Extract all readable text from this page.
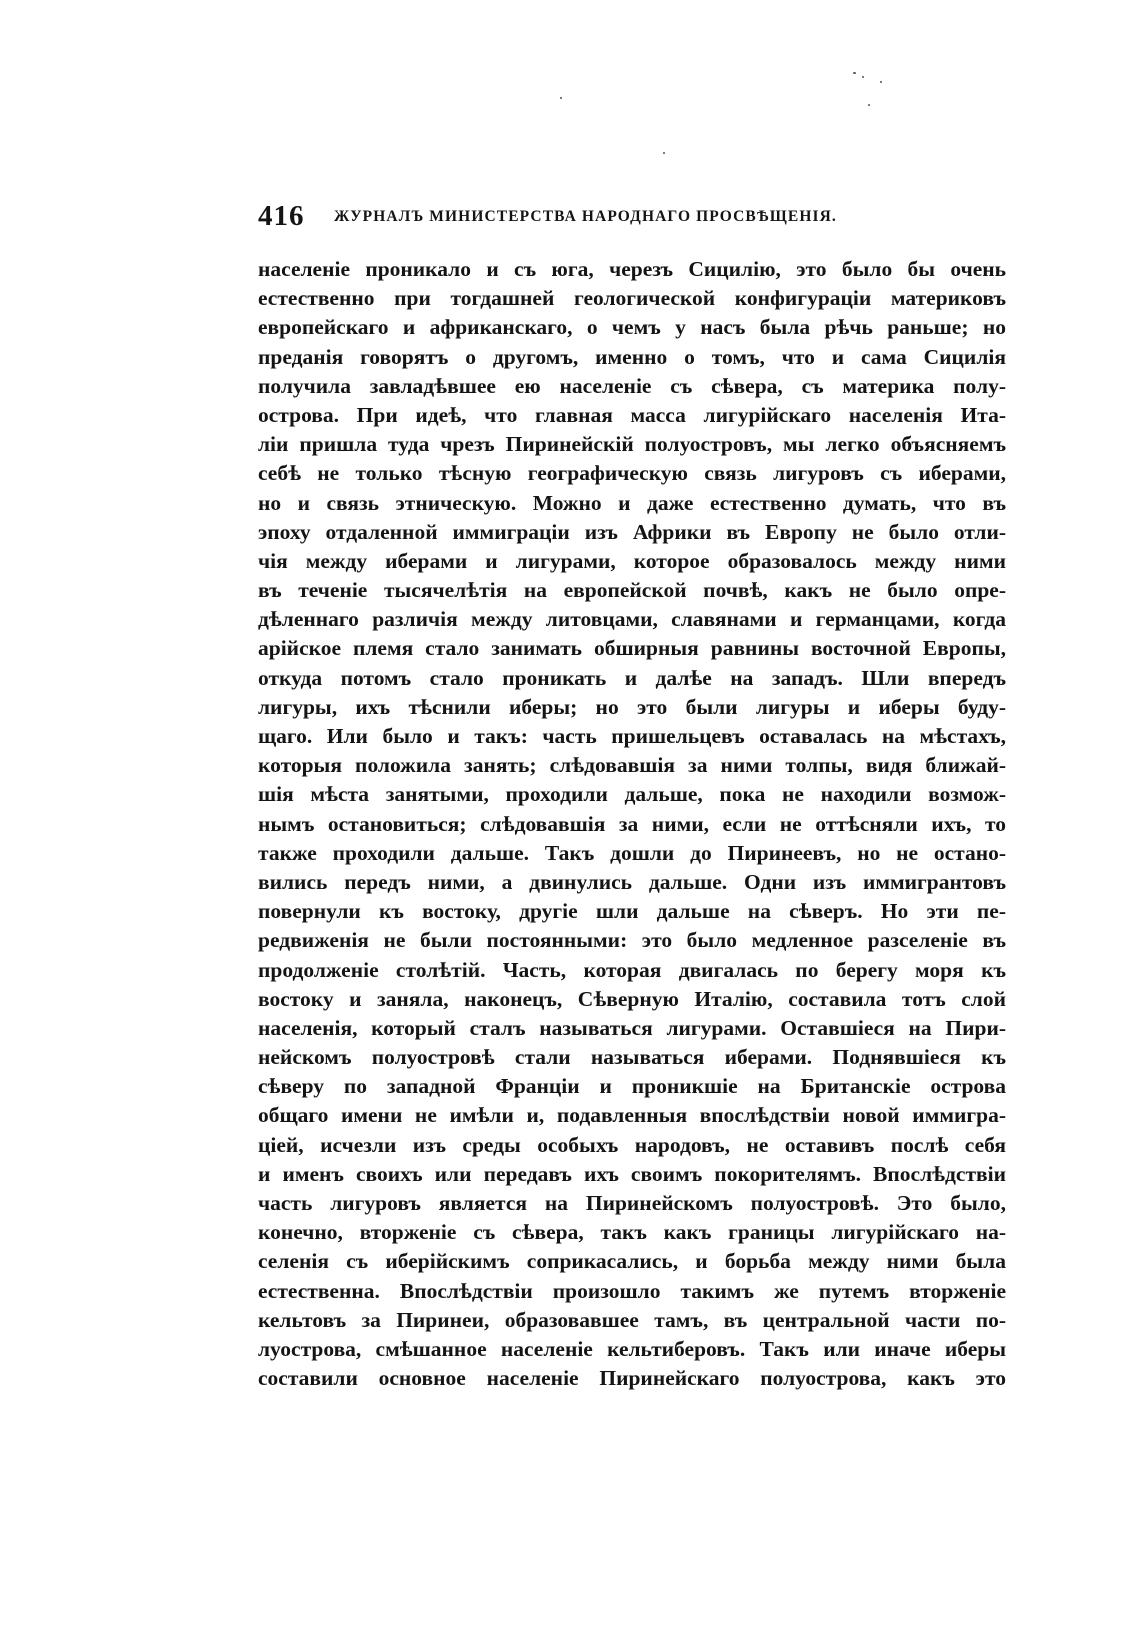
416 ЖУРНАЛЪ МИНИСТЕРСТВА НАРОДНАГО ПРОСВѢЩЕНІЯ.
населеніе проникало и съ юга, черезъ Сицилію, это было бы очень
естественно при тогдашней геологической конфигураціи материковъ
европейскаго и африканскаго, о чемъ у насъ была рѣчь раньше; но
преданія говорятъ о другомъ, именно о томъ, что и сама Сицилія
получила завладѣвшее ею населеніе съ сѣвера, съ материка полу-
острова. При идеѣ, что главная масса лигурійскаго населенія Ита-
ліи пришла туда чрезъ Пиринейскій полуостровъ, мы легко объясняемъ
себѣ не только тѣсную географическую связь лигуровъ съ иберами,
но и связь этническую. Можно и даже естественно думать, что въ
эпоху отдаленной иммиграціи изъ Африки въ Европу не было отли-
чія между иберами и лигурами, которое образовалось между ними
въ теченіе тысячелѣтія на европейской почвѣ, какъ не было опре-
дѣленнаго различія между литовцами, славянами и германцами, когда
арійское племя стало занимать обширныя равнины восточной Европы,
откуда потомъ стало проникать и далѣе на западъ. Шли впередъ
лигуры, ихъ тѣснили иберы; но это были лигуры и иберы буду-
щаго. Или было и такъ: часть пришельцевъ оставалась на мѣстахъ,
которыя положила занять; слѣдовавшія за ними толпы, видя ближай-
шія мѣста занятыми, проходили дальше, пока не находили возмож-
нымъ остановиться; слѣдовавшія за ними, если не оттѣсняли ихъ, то
также проходили дальше. Такъ дошли до Пиринеевъ, но не остано-
вились передъ ними, а двинулись дальше. Одни изъ иммигрантовъ
повернули къ востоку, другіе шли дальше на сѣверъ. Но эти пе-
редвиженія не были постоянными: это было медленное разселеніе въ
продолженіе столѣтій. Часть, которая двигалась по берегу моря къ
востоку и заняла, наконецъ, Сѣверную Италію, составила тотъ слой
населенія, который сталъ называться лигурами. Оставшіеся на Пири-
нейскомъ полуостровѣ стали называться иберами. Поднявшіеся къ
сѣверу по западной Франціи и проникшіе на Британскіе острова
общаго имени не имѣли и, подавленныя впослѣдствіи новой иммигра-
ціей, исчезли изъ среды особыхъ народовъ, не оставивъ послѣ себя
и именъ своихъ или передавъ ихъ своимъ покорителямъ. Впослѣдствіи
часть лигуровъ является на Пиринейскомъ полуостровѣ. Это было,
конечно, вторженіе съ сѣвера, такъ какъ границы лигурійскаго на-
селенія съ иберійскимъ соприкасались, и борьба между ними была
естественна. Впослѣдствіи произошло такимъ же путемъ вторженіе
кельтовъ за Пиринеи, образовавшее тамъ, въ центральной части по-
луострова, смѣшанное населеніе кельтиберовъ. Такъ или иначе иберы
составили основное населеніе Пиринейскаго полуострова, какъ это
